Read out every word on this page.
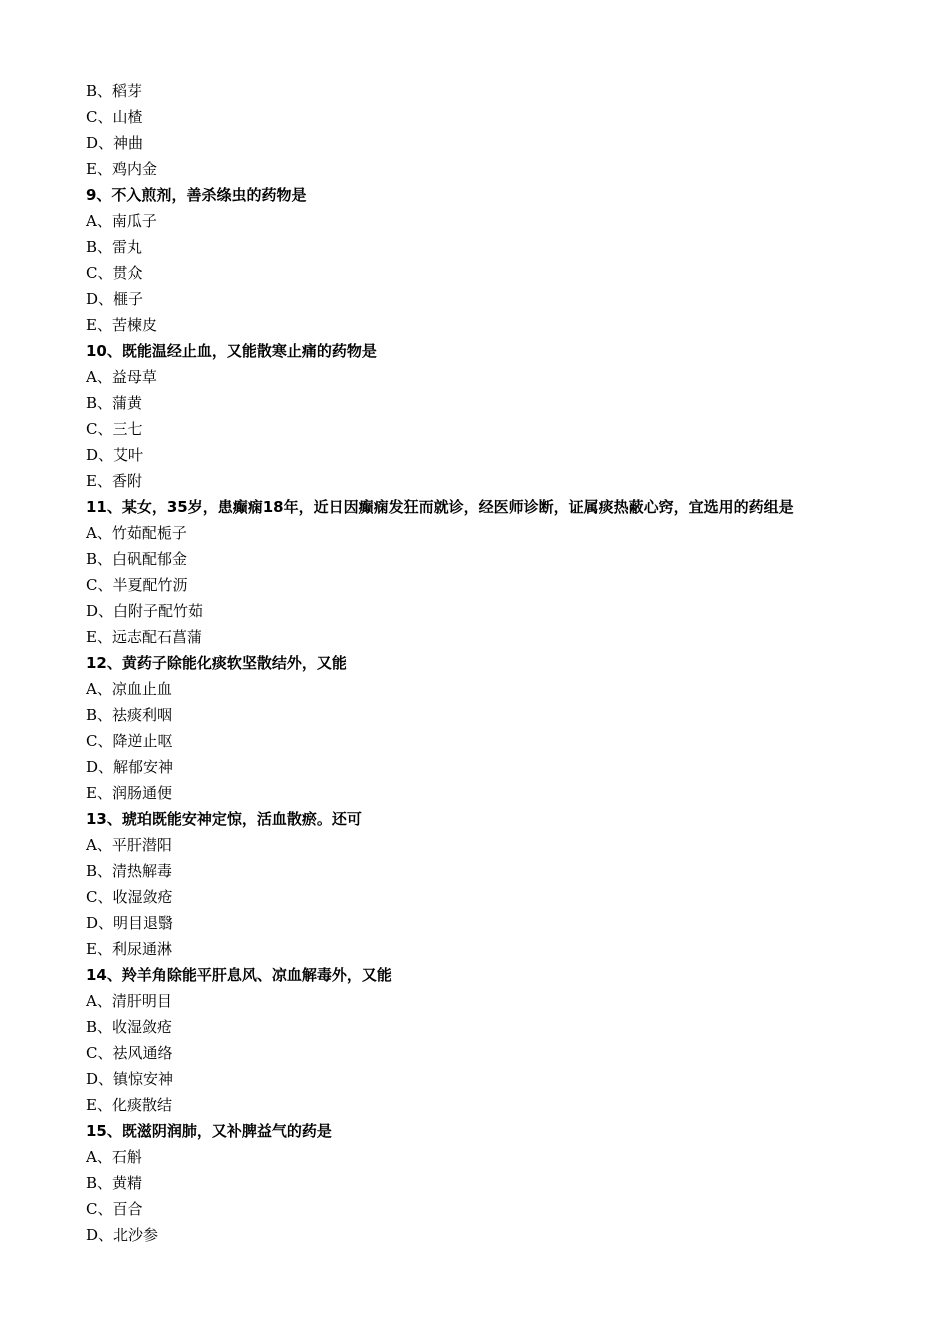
B、稻芽
C、山楂
D、神曲
E、鸡内金
9、不入煎剂，善杀绦虫的药物是
A、南瓜子
B、雷丸
C、贯众
D、榧子
E、苦楝皮
10、既能温经止血，又能散寒止痛的药物是
A、益母草
B、蒲黄
C、三七
D、艾叶
E、香附
11、某女，35岁，患癫痫18年，近日因癫痫发狂而就诊，经医师诊断，证属痰热蔽心窍，宜选用的药组是
A、竹茹配栀子
B、白矾配郁金
C、半夏配竹沥
D、白附子配竹茹
E、远志配石菖蒲
12、黄药子除能化痰软坚散结外，又能
A、凉血止血
B、祛痰利咽
C、降逆止呕
D、解郁安神
E、润肠通便
13、琥珀既能安神定惊，活血散瘀。还可
A、平肝潜阳
B、清热解毒
C、收湿敛疮
D、明目退翳
E、利尿通淋
14、羚羊角除能平肝息风、凉血解毒外，又能
A、清肝明目
B、收湿敛疮
C、祛风通络
D、镇惊安神
E、化痰散结
15、既滋阴润肺，又补脾益气的药是
A、石斛
B、黄精
C、百合
D、北沙参
